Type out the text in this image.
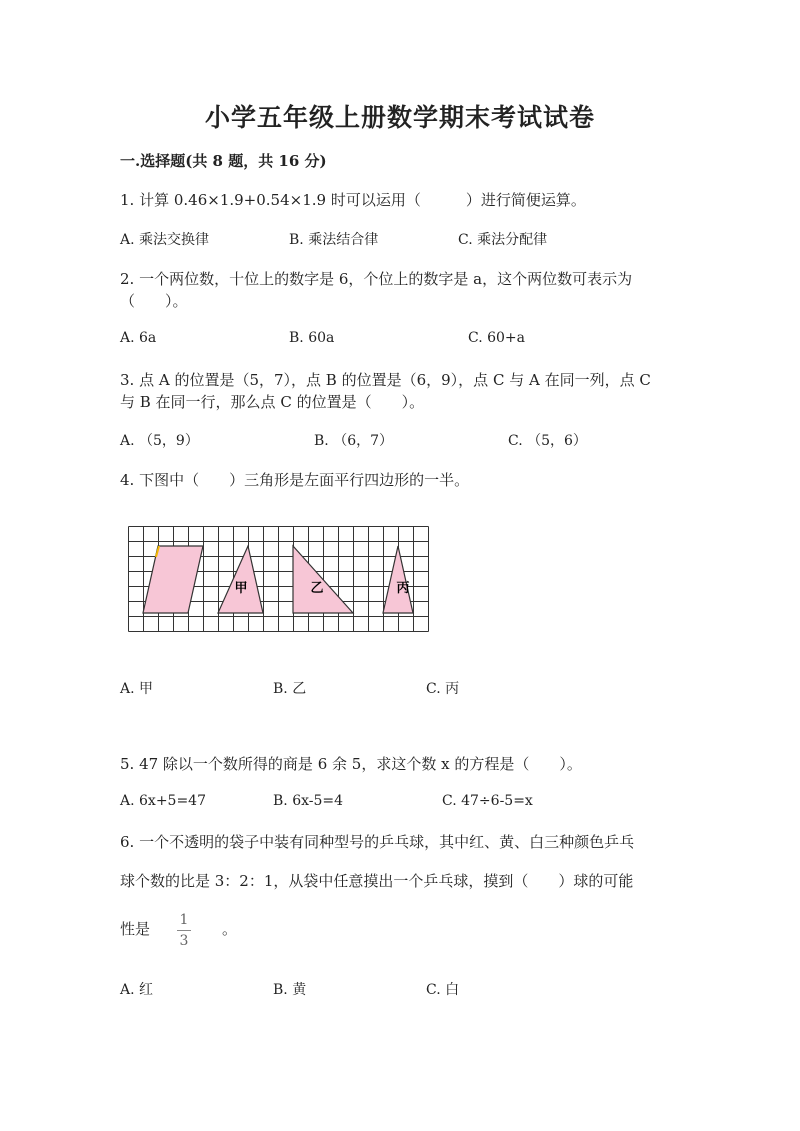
小学五年级上册数学期末考试试卷
一.选择题(共 8 题，共 16 分)
1. 计算 0.46×1.9+0.54×1.9 时可以运用（　　　）进行简便运算。
A. 乘法交换律	B. 乘法结合律	C. 乘法分配律
2. 一个两位数，十位上的数字是 6，个位上的数字是 a，这个两位数可表示为
（　　）。
A. 6a	B. 60a	C. 60+a
3. 点 A 的位置是（5，7），点 B 的位置是（6，9），点 C 与 A 在同一列，点 C
与 B 在同一行，那么点 C 的位置是（　　）。
A. （5，9）	B. （6，7）	C. （5，6）
4. 下图中（　　）三角形是左面平行四边形的一半。
甲	乙	丙
A. 甲	B. 乙	C. 丙
5. 47 除以一个数所得的商是 6 余 5，求这个数 x 的方程是（　　）。
A. 6x+5=47	B. 6x-5=4	C. 47÷6-5=x
6. 一个不透明的袋子中装有同种型号的乒乓球，其中红、黄、白三种颜色乒乓
球个数的比是 3：2：1，从袋中任意摸出一个乒乓球，摸到（　　）球的可能
性是 1
3
。
A. 红	B. 黄	C. 白
